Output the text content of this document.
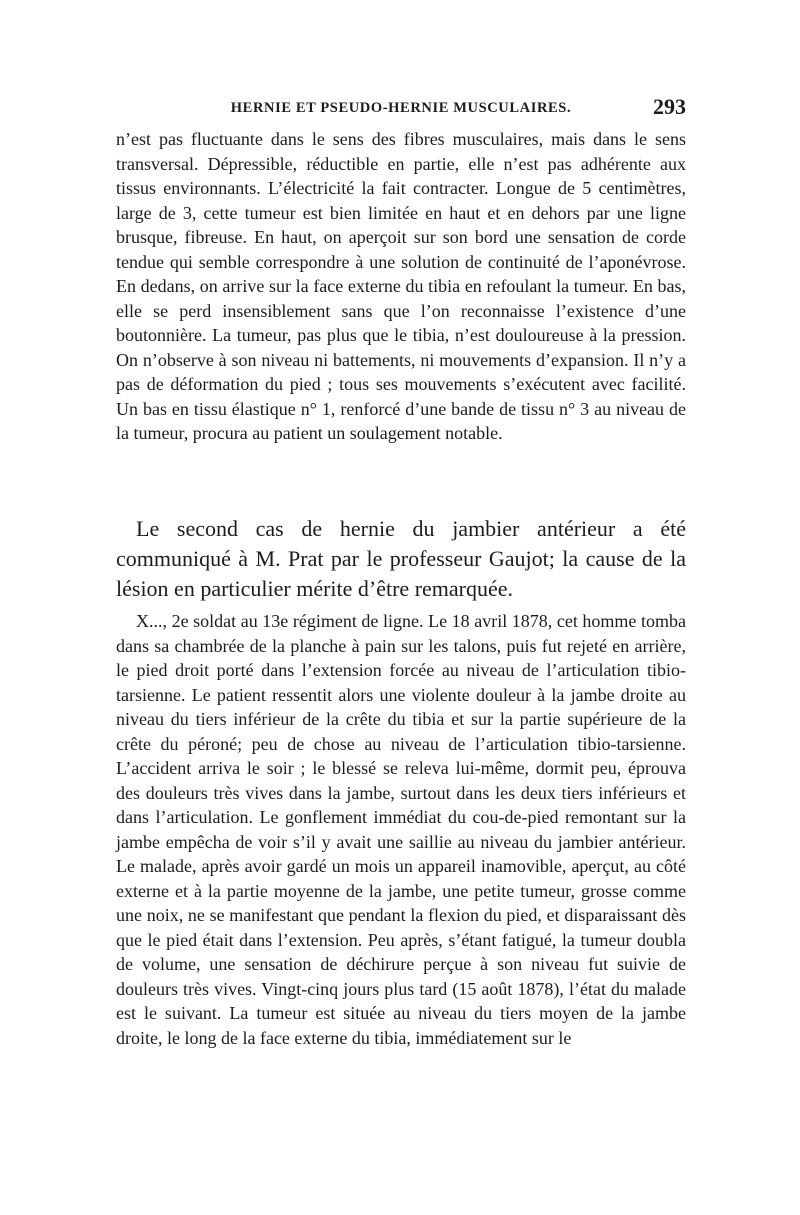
HERNIE ET PSEUDO-HERNIE MUSCULAIRES.	293

n’est pas fluctuante dans le sens des fibres musculaires, mais dans le sens transversal. Dépressible, réductible en partie, elle n’est pas adhérente aux tissus environnants. L’électricité la fait contracter. Longue de 5 centimètres, large de 3, cette tumeur est bien limitée en haut et en dehors par une ligne brusque, fibreuse. En haut, on aperçoit sur son bord une sensation de corde tendue qui semble correspondre à une solution de continuité de l’aponévrose. En dedans, on arrive sur la face externe du tibia en refoulant la tumeur. En bas, elle se perd insensiblement sans que l’on reconnaisse l’existence d’une boutonnière. La tumeur, pas plus que le tibia, n’est douloureuse à la pression. On n’observe à son niveau ni battements, ni mouvements d’expansion. Il n’y a pas de déformation du pied ; tous ses mouvements s’exécutent avec facilité. Un bas en tissu élastique n° 1, renforcé d’une bande de tissu n° 3 au niveau de la tumeur, procura au patient un soulagement notable.

Le second cas de hernie du jambier antérieur a été communiqué à M. Prat par le professeur Gaujot; la cause de la lésion en particulier mérite d’être remarquée.

X..., 2e soldat au 13e régiment de ligne. Le 18 avril 1878, cet homme tomba dans sa chambrée de la planche à pain sur les talons, puis fut rejeté en arrière, le pied droit porté dans l’extension forcée au niveau de l’articulation tibio-tarsienne. Le patient ressentit alors une violente douleur à la jambe droite au niveau du tiers inférieur de la crête du tibia et sur la partie supérieure de la crête du péroné; peu de chose au niveau de l’articulation tibio-tarsienne. L’accident arriva le soir ; le blessé se releva lui-même, dormit peu, éprouva des douleurs très vives dans la jambe, surtout dans les deux tiers inférieurs et dans l’articulation. Le gonflement immédiat du cou-de-pied remontant sur la jambe empêcha de voir s’il y avait une saillie au niveau du jambier antérieur. Le malade, après avoir gardé un mois un appareil inamovible, aperçut, au côté externe et à la partie moyenne de la jambe, une petite tumeur, grosse comme une noix, ne se manifestant que pendant la flexion du pied, et disparaissant dès que le pied était dans l’extension. Peu après, s’étant fatigué, la tumeur doubla de volume, une sensation de déchirure perçue à son niveau fut suivie de douleurs très vives. Vingt-cinq jours plus tard (15 août 1878), l’état du malade est le suivant. La tumeur est située au niveau du tiers moyen de la jambe droite, le long de la face externe du tibia, immédiatement sur le
